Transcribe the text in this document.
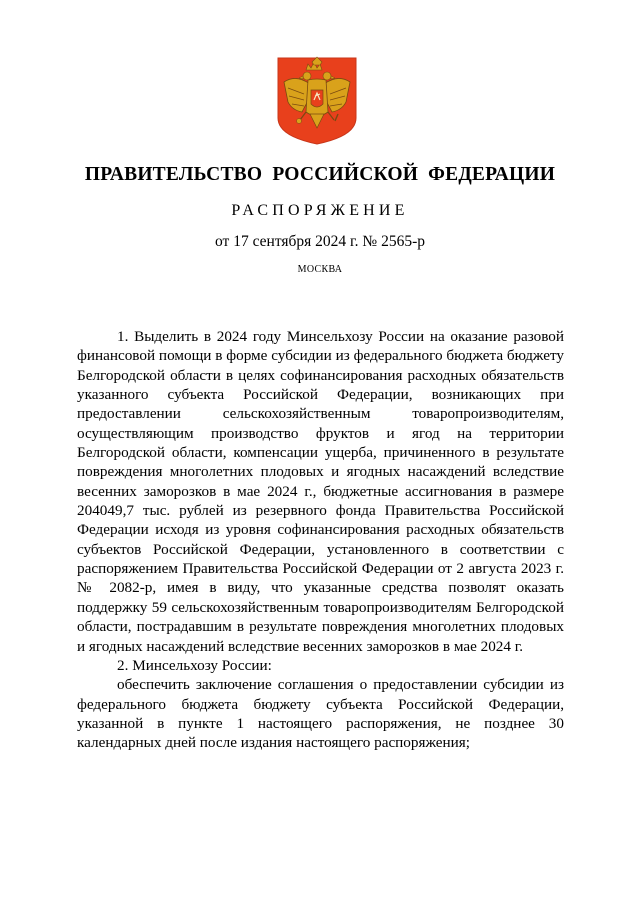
ПРАВИТЕЛЬСТВО РОССИЙСКОЙ ФЕДЕРАЦИИ
РАСПОРЯЖЕНИЕ
от 17 сентября 2024 г. № 2565-р
МОСКВА

1. Выделить в 2024 году Минсельхозу России на оказание разовой финансовой помощи в форме субсидии из федерального бюджета бюджету Белгородской области в целях софинансирования расходных обязательств указанного субъекта Российской Федерации, возникающих при предоставлении сельскохозяйственным товаропроизводителям, осуществляющим производство фруктов и ягод на территории Белгородской области, компенсации ущерба, причиненного в результате повреждения многолетних плодовых и ягодных насаждений вследствие весенних заморозков в мае 2024 г., бюджетные ассигнования в размере 204049,7 тыс. рублей из резервного фонда Правительства Российской Федерации исходя из уровня софинансирования расходных обязательств субъектов Российской Федерации, установленного в соответствии с распоряжением Правительства Российской Федерации от 2 августа 2023 г. № 2082-р, имея в виду, что указанные средства позволят оказать поддержку 59 сельскохозяйственным товаропроизводителям Белгородской области, пострадавшим в результате повреждения многолетних плодовых и ягодных насаждений вследствие весенних заморозков в мае 2024 г.

2. Минсельхозу России:

обеспечить заключение соглашения о предоставлении субсидии из федерального бюджета бюджету субъекта Российской Федерации, указанной в пункте 1 настоящего распоряжения, не позднее 30 календарных дней после издания настоящего распоряжения;
